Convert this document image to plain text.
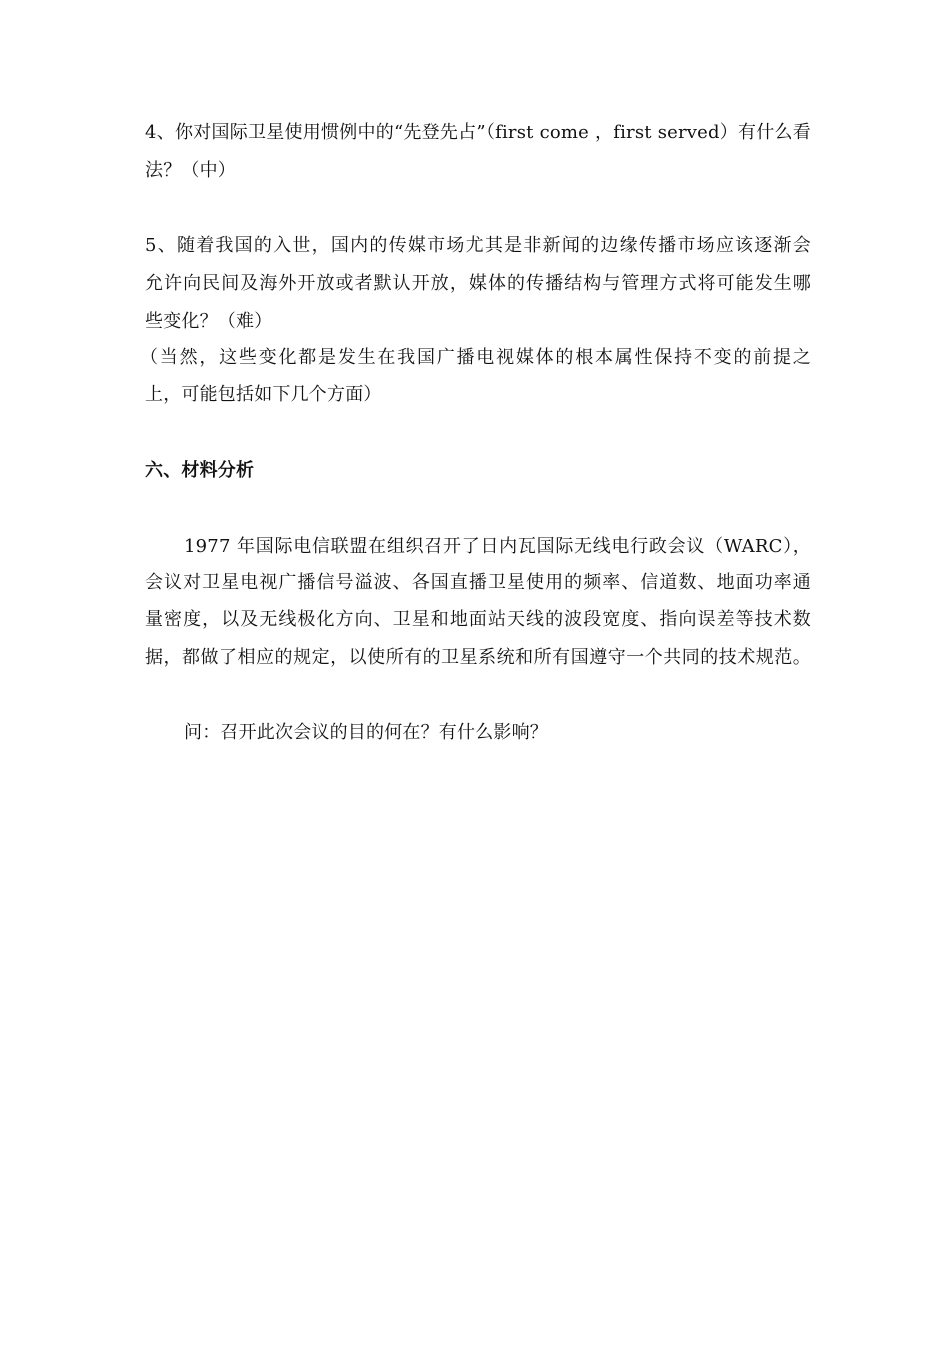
4、你对国际卫星使用惯例中的“先登先占”（first come ，first served）有什么看
法？（中）
5、随着我国的入世，国内的传媒市场尤其是非新闻的边缘传播市场应该逐渐会
允许向民间及海外开放或者默认开放，媒体的传播结构与管理方式将可能发生哪
些变化？（难）
（当然，这些变化都是发生在我国广播电视媒体的根本属性保持不变的前提之
上，可能包括如下几个方面）
六、材料分析
1977 年国际电信联盟在组织召开了日内瓦国际无线电行政会议（WARC），
会议对卫星电视广播信号溢波、各国直播卫星使用的频率、信道数、地面功率通
量密度，以及无线极化方向、卫星和地面站天线的波段宽度、指向误差等技术数
据，都做了相应的规定，以使所有的卫星系统和所有国遵守一个共同的技术规范。
问：召开此次会议的目的何在？有什么影响？
